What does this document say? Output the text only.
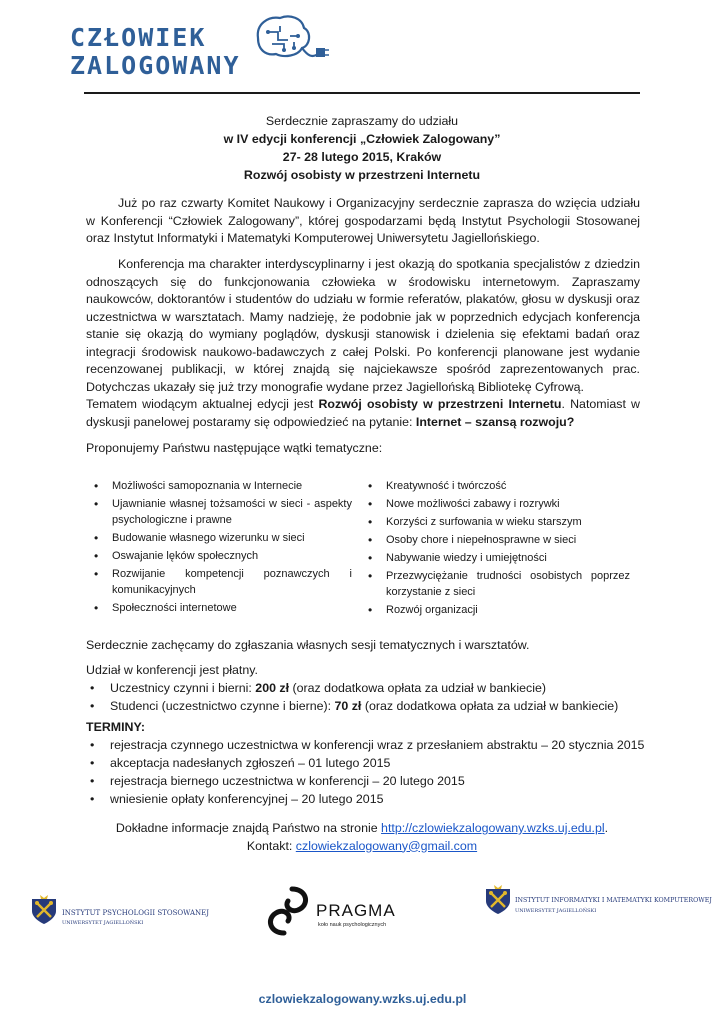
CZŁOWIEK
ZALOGOWANY
Serdecznie zapraszamy do udziału
w IV edycji konferencji „Człowiek Zalogowany”
27- 28 lutego 2015, Kraków
Rozwój osobisty w przestrzeni Internetu
Już po raz czwarty Komitet Naukowy i Organizacyjny serdecznie zaprasza do wzięcia udziału w Konferencji “Człowiek Zalogowany”, której gospodarzami będą Instytut Psychologii Stosowanej oraz Instytut Informatyki i Matematyki Komputerowej Uniwersytetu Jagiellońskiego.
Konferencja ma charakter interdyscyplinarny i jest okazją do spotkania specjalistów z dziedzin odnoszących się do funkcjonowania człowieka w środowisku internetowym. Zapraszamy naukowców, doktorantów i studentów do udziału w formie referatów, plakatów, głosu w dyskusji oraz uczestnictwa w warsztatach. Mamy nadzieję, że podobnie jak w poprzednich edycjach konferencja stanie się okazją do wymiany poglądów, dyskusji stanowisk i dzielenia się efektami badań oraz integracji środowisk naukowo-badawczych z całej Polski. Po konferencji planowane jest wydanie recenzowanej publikacji, w której znajdą się najciekawsze spośród zaprezentowanych prac. Dotychczas ukazały się już trzy monografie wydane przez Jagiellońską Bibliotekę Cyfrową.
Tematem wiodącym aktualnej edycji jest Rozwój osobisty w przestrzeni Internetu. Natomiast w dyskusji panelowej postaramy się odpowiedzieć na pytanie: Internet – szansą rozwoju?
Proponujemy Państwu następujące wątki tematyczne:
• Możliwości samopoznania w Internecie
• Ujawnianie własnej tożsamości w sieci - aspekty psychologiczne i prawne
• Budowanie własnego wizerunku w sieci
• Oswajanie lęków społecznych
• Rozwijanie kompetencji poznawczych i komunikacyjnych
• Społeczności internetowe
• Kreatywność i twórczość
• Nowe możliwości zabawy i rozrywki
• Korzyści z surfowania w wieku starszym
• Osoby chore i niepełnosprawne w sieci
• Nabywanie wiedzy i umiejętności
• Przezwyciężanie trudności osobistych poprzez korzystanie z sieci
• Rozwój organizacji
Serdecznie zachęcamy do zgłaszania własnych sesji tematycznych i warsztatów.
Udział w konferencji jest płatny.
• Uczestnicy czynni i bierni: 200 zł (oraz dodatkowa opłata za udział w bankiecie)
• Studenci (uczestnictwo czynne i bierne): 70 zł (oraz dodatkowa opłata za udział w bankiecie)
TERMINY:
• rejestracja czynnego uczestnictwa w konferencji wraz z przesłaniem abstraktu – 20 stycznia 2015
• akceptacja nadesłanych zgłoszeń – 01 lutego 2015
• rejestracja biernego uczestnictwa w konferencji – 20 lutego 2015
• wniesienie opłaty konferencyjnej – 20 lutego 2015
Dokładne informacje znajdą Państwo na stronie http://czlowiekzalogowany.wzks.uj.edu.pl.
Kontakt: czlowiekzalogowany@gmail.com
INSTYTUT PSYCHOLOGII STOSOWANEJ
UNIWERSYTET JAGIELLOŃSKI
PRAGMA
koło nauk psychologicznych
INSTYTUT INFORMATYKI I MATEMATYKI KOMPUTEROWEJ
UNIWERSYTET JAGIELLOŃSKI
czlowiekzalogowany.wzks.uj.edu.pl
